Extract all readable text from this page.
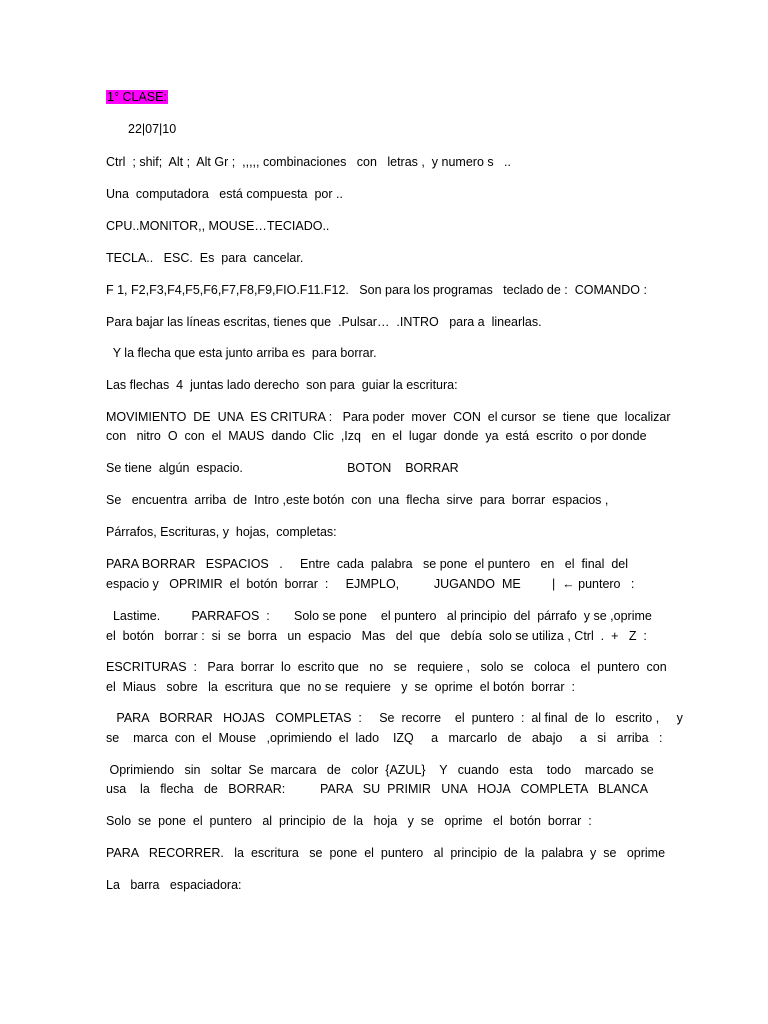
1° CLASE:
22|07|10
Ctrl  ; shif;  Alt ;  Alt Gr ;  ,,,,, combinaciones   con   letras ,  y numero s   ..
Una  computadora   está compuesta  por ..
CPU..MONITOR,, MOUSE…TECIADO..
TECLA..   ESC.  Es  para  cancelar.
F 1, F2,F3,F4,F5,F6,F7,F8,F9,FIO.F11.F12.   Son para los programas   teclado de :  COMANDO :
Para bajar las líneas escritas, tienes que  .Pulsar…  .INTRO   para a  linearlas.
Y la flecha que esta junto arriba es  para borrar.
Las flechas  4  juntas lado derecho  son para  guiar la escritura:
MOVIMIENTO  DE  UNA  ES CRITURA :   Para poder  mover  CON  el cursor  se  tiene  que  localizar
con   nitro  O  con  el  MAUS  dando  Clic  ,Izq   en  el  lugar  donde  ya  está  escrito  o por donde
Se tiene  algún  espacio.                              BOTON    BORRAR
Se   encuentra  arriba  de  Intro ,este botón  con  una  flecha  sirve  para  borrar  espacios ,
Párrafos, Escrituras, y  hojas,  completas:
PARA BORRAR   ESPACIOS   .     Entre  cada  palabra   se pone  el puntero   en   el  final  del
espacio y   OPRIMIR  el  botón  borrar  :     EJMPLO,          JUGANDO  ME         |  ← puntero   :
Lastime.         PARRAFOS  :       Solo se pone    el puntero   al principio  del  párrafo  y se ,oprime
el  botón   borrar :  si  se  borra   un  espacio   Mas   del  que   debía  solo se utiliza , Ctrl  .  +   Z  :
ESCRITURAS  :   Para  borrar  lo  escrito que   no   se   requiere ,   solo  se   coloca   el  puntero  con
el  Miaus   sobre   la  escritura  que  no se  requiere   y  se  oprime  el botón  borrar  :
PARA   BORRAR   HOJAS   COMPLETAS  :     Se  recorre    el  puntero  :  al final  de  lo   escrito ,     y
se    marca  con  el  Mouse   ,oprimiendo  el  lado    IZQ     a   marcarlo   de   abajo     a   si   arriba   :
Oprimiendo   sin   soltar  Se  marcara   de   color  {AZUL}    Y   cuando   esta    todo    marcado  se
usa    la   flecha   de   BORRAR:          PARA   SU  PRIMIR   UNA   HOJA   COMPLETA   BLANCA
Solo  se  pone  el  puntero   al  principio  de  la   hoja   y  se   oprime   el  botón  borrar  :
PARA   RECORRER.   la  escritura   se  pone  el  puntero   al  principio  de  la  palabra  y  se   oprime
La   barra   espaciadora:
